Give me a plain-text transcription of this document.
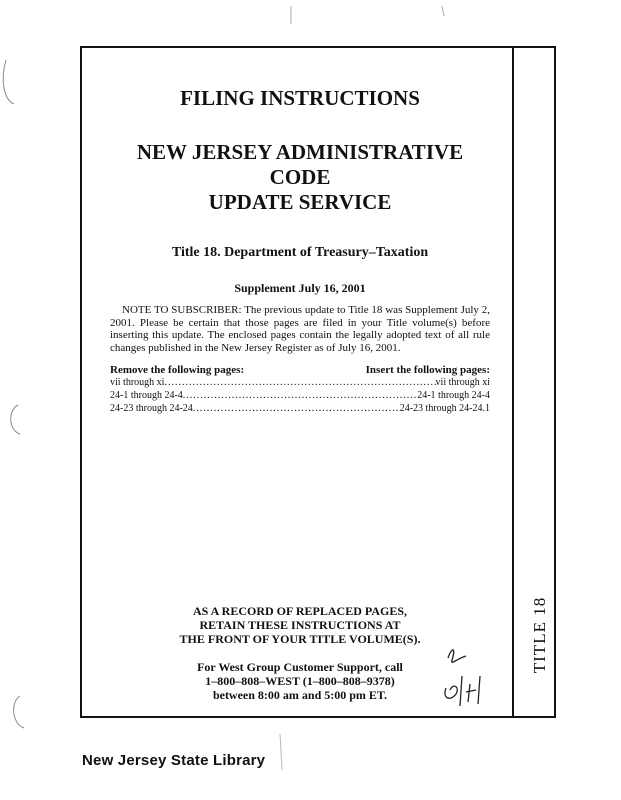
TITLE 18

FILING INSTRUCTIONS

NEW JERSEY ADMINISTRATIVE CODE

UPDATE SERVICE

Title 18. Department of Treasury–Taxation

Supplement July 16, 2001

NOTE TO SUBSCRIBER: The previous update to Title 18 was Supplement July 2, 2001. Please be certain that those pages are filed in your Title volume(s) before inserting this update. The enclosed pages contain the legally adopted text of all rule changes published in the New Jersey Register as of July 16, 2001.

Remove the following pages:	Insert the following pages:
vii through xi .....	vii through xi
24-1 through 24-4 .....	24-1 through 24-4
24-23 through 24-24 .....	24-23 through 24-24.1

AS A RECORD OF REPLACED PAGES,

RETAIN THESE INSTRUCTIONS AT

THE FRONT OF YOUR TITLE VOLUME(S).

For West Group Customer Support, call

1–800–808–WEST (1–800–808–9378)

between 8:00 am and 5:00 pm ET.

New Jersey State Library
